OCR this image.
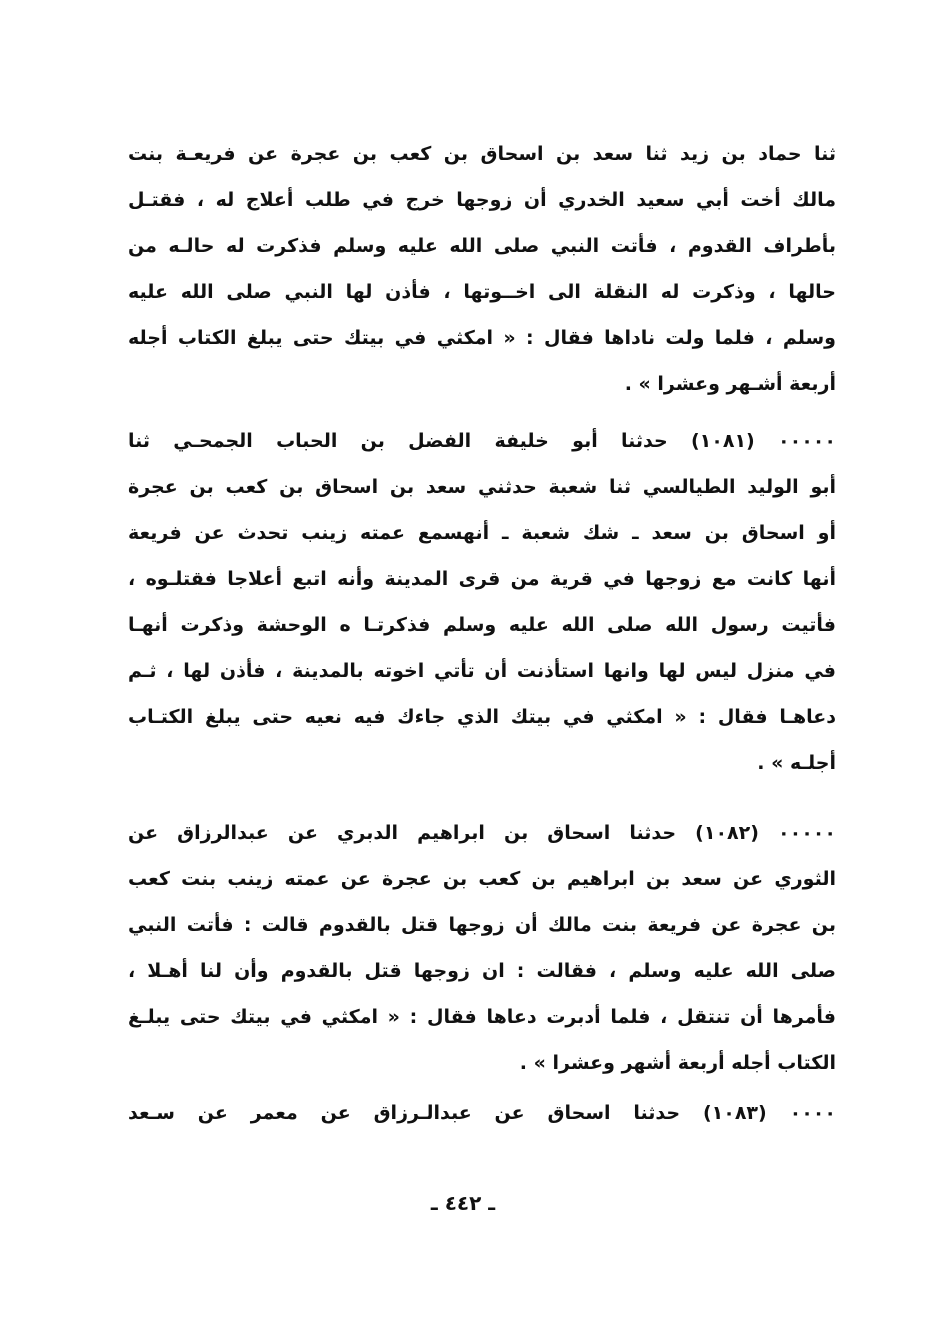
ثنا حماد بن زيد ثنا سعد بن اسحاق بن كعب بن عجرة عن فريعـة بنت
مالك أخت أبي سعيد الخدري أن زوجها خرج في طلب أعلاج له ، فقتـل
بأطراف القدوم ، فأتت النبي صلى الله عليه وسلم فذكرت له حالـه من
حالها ، وذكرت له النقلة الى اخــوتها ، فأذن لها النبي صلى الله عليه
وسلم ، فلما ولت ناداها فقال : « امكثي في بيتك حتى يبلغ الكتاب أجله
أربعة أشـهر وعشرا » .
٠٠٠٠٠ (١٠٨١) حدثنا أبو خليفة الفضل بن الحباب الجمحـي ثنا
أبو الوليد الطيالسي ثنا شعبة حدثني سعد بن اسحاق بن كعب بن عجرة
أو اسحاق بن سعد ـ شك شعبة ـ أنهسمع عمته زينب تحدث عن فريعة
أنها كانت مع زوجها في قرية من قرى المدينة وأنه اتبع أعلاجا فقتلـوه ،
فأتيت رسول الله صلى الله عليه وسلم فذكرتـا ه الوحشة وذكرت أنهـا
في منزل ليس لها وانها استأذنت أن تأتي اخوته بالمدينة ، فأذن لها ، ثـم
دعاهـا فقال : « امكثي في بيتك الذي جاءك فيه نعيه حتى يبلغ الكتـاب
أجلـه » .
٠٠٠٠٠ (١٠٨٢) حدثنا اسحاق بن ابراهيم الدبري عن عبدالرزاق عن
الثوري عن سعد بن ابراهيم بن كعب بن عجرة عن عمته زينب بنت كعب
بن عجرة عن فريعة بنت مالك أن زوجها قتل بالقدوم قالت : فأتت النبي
صلى الله عليه وسلم ، فقالت : ان زوجها قتل بالقدوم وأن لنا أهـلا ،
فأمرها أن تنتقل ، فلما أدبرت دعاها فقال : « امكثي في بيتك حتى يبلـغ
الكتاب أجله أربعة أشهر وعشرا » .
٠٠٠٠ (١٠٨٣) حدثنا اسحاق عن عبدالـرزاق عن معمر عن سـعد
ـ ٤٤٢ ـ
